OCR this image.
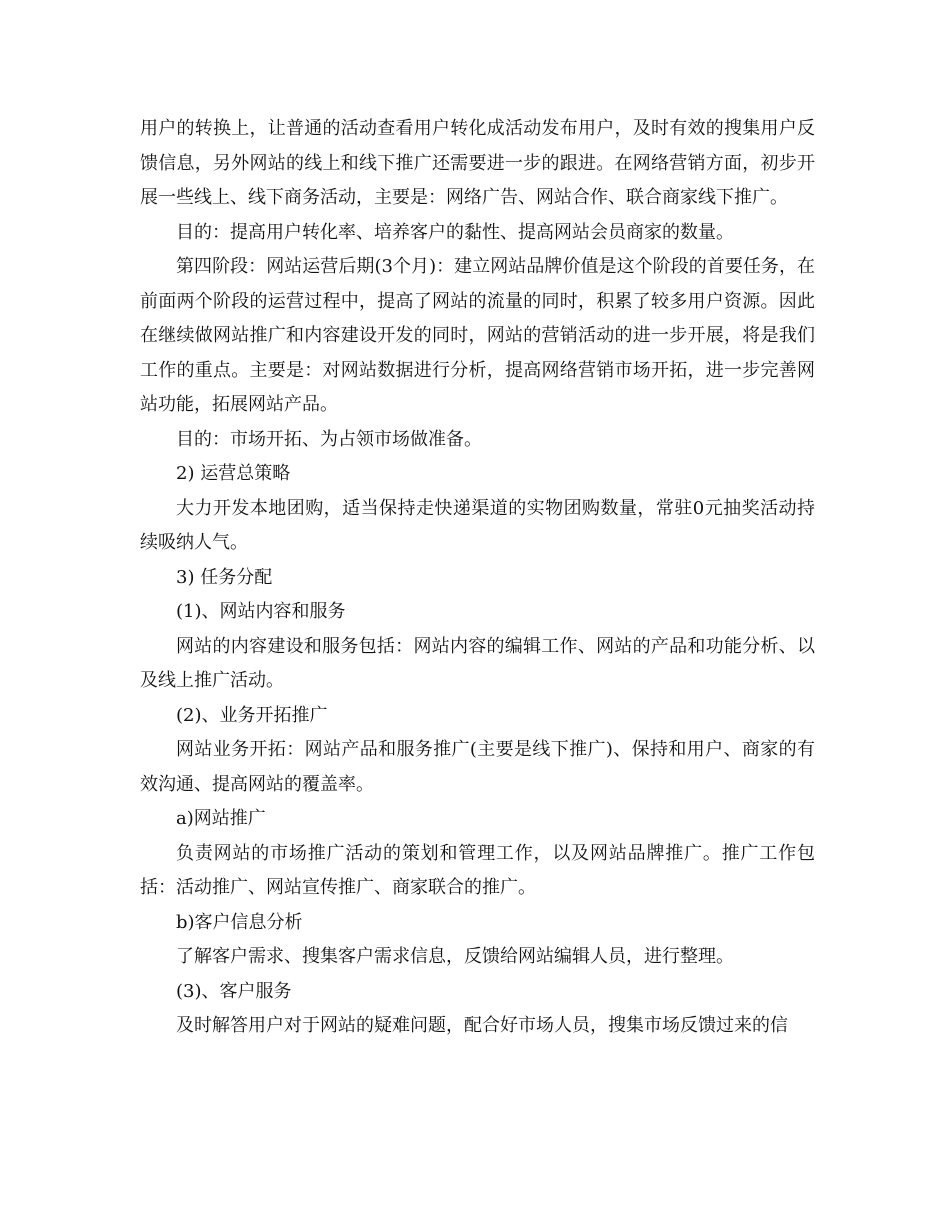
用户的转换上，让普通的活动查看用户转化成活动发布用户，及时有效的搜集用户反馈信息，另外网站的线上和线下推广还需要进一步的跟进。在网络营销方面，初步开展一些线上、线下商务活动，主要是：网络广告、网站合作、联合商家线下推广。

目的：提高用户转化率、培养客户的黏性、提高网站会员商家的数量。

第四阶段：网站运营后期(3个月)：建立网站品牌价值是这个阶段的首要任务，在前面两个阶段的运营过程中，提高了网站的流量的同时，积累了较多用户资源。因此在继续做网站推广和内容建设开发的同时，网站的营销活动的进一步开展，将是我们工作的重点。主要是：对网站数据进行分析，提高网络营销市场开拓，进一步完善网站功能，拓展网站产品。

目的：市场开拓、为占领市场做准备。

2) 运营总策略

大力开发本地团购，适当保持走快递渠道的实物团购数量，常驻0元抽奖活动持续吸纳人气。

3) 任务分配

(1)、网站内容和服务

网站的内容建设和服务包括：网站内容的编辑工作、网站的产品和功能分析、以及线上推广活动。

(2)、业务开拓推广

网站业务开拓：网站产品和服务推广(主要是线下推广)、保持和用户、商家的有效沟通、提高网站的覆盖率。

a)网站推广

负责网站的市场推广活动的策划和管理工作，以及网站品牌推广。推广工作包括：活动推广、网站宣传推广、商家联合的推广。

b)客户信息分析

了解客户需求、搜集客户需求信息，反馈给网站编辑人员，进行整理。

(3)、客户服务

及时解答用户对于网站的疑难问题，配合好市场人员，搜集市场反馈过来的信
